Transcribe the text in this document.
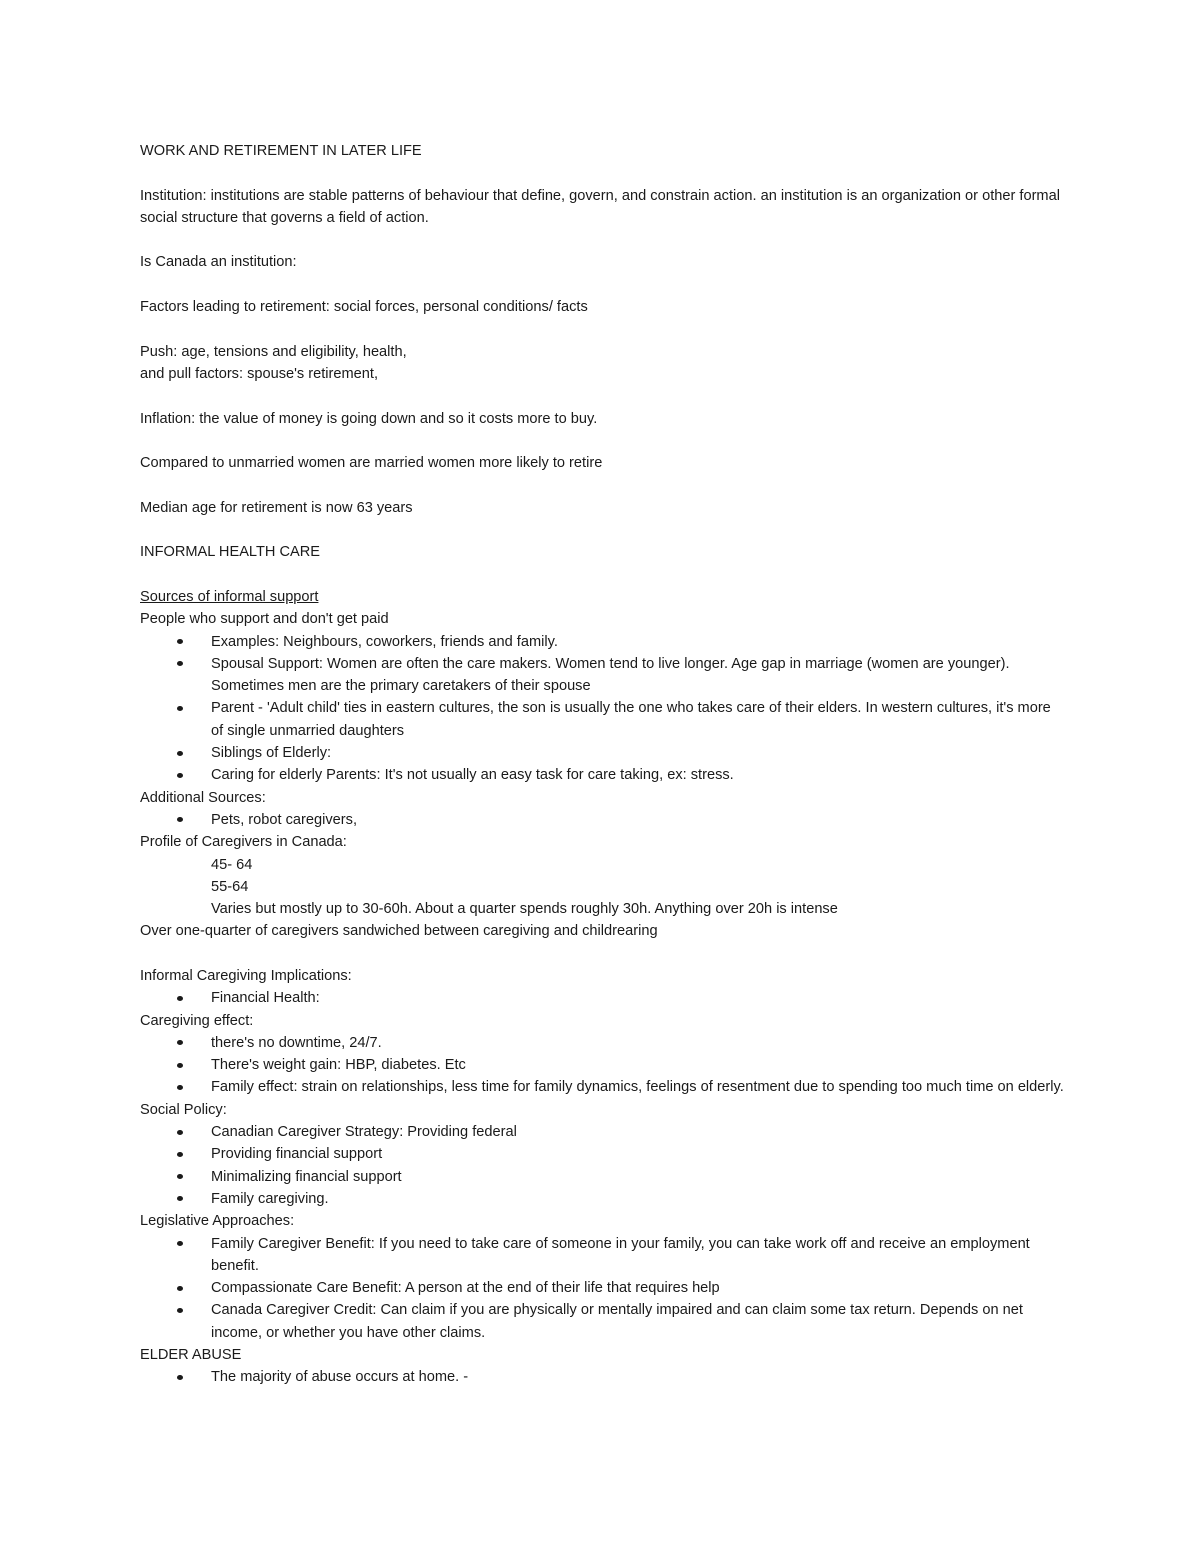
WORK AND RETIREMENT IN LATER LIFE

Institution: institutions are stable patterns of behaviour that define, govern, and constrain action. an institution is an organization or other formal social structure that governs a field of action.

Is Canada an institution:

Factors leading to retirement: social forces, personal conditions/ facts

Push: age, tensions and eligibility, health,

and pull factors: spouse's retirement,

Inflation: the value of money is going down and so it costs more to buy.

Compared to unmarried women are married women more likely to retire

Median age for retirement is now 63 years

INFORMAL HEALTH CARE

Sources of informal support

People who support and don't get paid

Examples: Neighbours, coworkers, friends and family.
Spousal Support: Women are often the care makers. Women tend to live longer. Age gap in marriage (women are younger). Sometimes men are the primary caretakers of their spouse
Parent - 'Adult child' ties in eastern cultures, the son is usually the one who takes care of their elders. In western cultures, it's more of single unmarried daughters
Siblings of Elderly:
Caring for elderly Parents: It's not usually an easy task for care taking, ex: stress.

Additional Sources:

Pets, robot caregivers,

Profile of Caregivers in Canada:

45- 64

55-64

Varies but mostly up to 30-60h. About a quarter spends roughly 30h. Anything over 20h is intense

Over one-quarter of caregivers sandwiched between caregiving and childrearing

Informal Caregiving Implications:

Financial Health:

Caregiving effect:

there's no downtime, 24/7.
There's weight gain: HBP, diabetes. Etc
Family effect: strain on relationships, less time for family dynamics, feelings of resentment due to spending too much time on elderly.

Social Policy:

Canadian Caregiver Strategy: Providing federal
Providing financial support
Minimalizing financial support
Family caregiving.

Legislative Approaches:

Family Caregiver Benefit: If you need to take care of someone in your family, you can take work off and receive an employment benefit.
Compassionate Care Benefit: A person at the end of their life that requires help
Canada Caregiver Credit: Can claim if you are physically or mentally impaired and can claim some tax return. Depends on net income, or whether you have other claims.

ELDER ABUSE

The majority of abuse occurs at home. -
